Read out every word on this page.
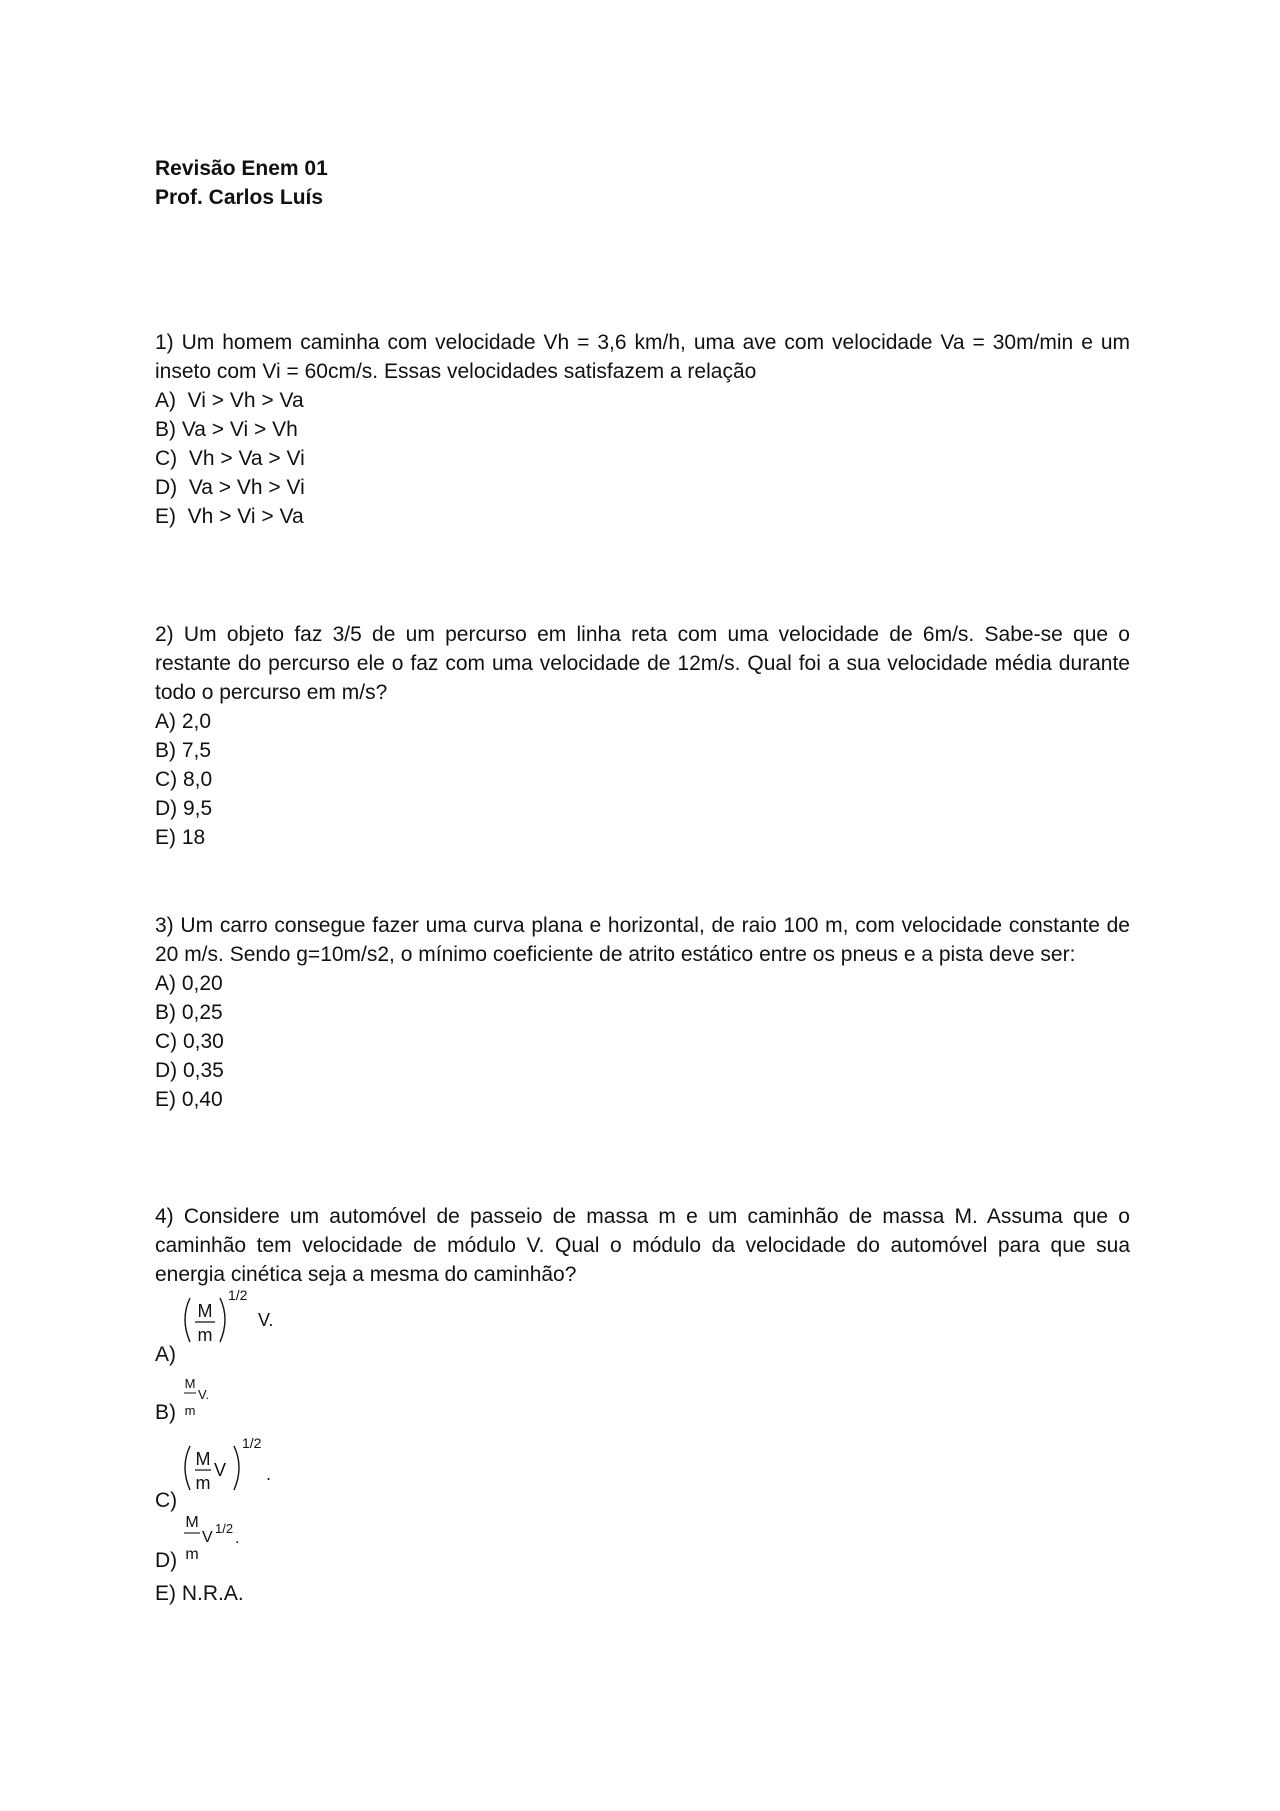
Revisão Enem 01
Prof. Carlos Luís
1) Um homem caminha com velocidade Vh = 3,6 km/h, uma ave com velocidade Va = 30m/min e um inseto com Vi = 60cm/s. Essas velocidades satisfazem a relação
A)  Vi > Vh > Va
B) Va > Vi > Vh
C)  Vh > Va > Vi
D)  Va > Vh > Vi
E)  Vh > Vi > Va
2) Um objeto faz 3/5 de um percurso em linha reta com uma velocidade de 6m/s. Sabe-se que o restante do percurso ele o faz com uma velocidade de 12m/s. Qual foi a sua velocidade média durante todo o percurso em m/s?
A) 2,0
B) 7,5
C) 8,0
D) 9,5
E) 18
3) Um carro consegue fazer uma curva plana e horizontal, de raio 100 m, com velocidade constante de 20 m/s. Sendo g=10m/s2, o mínimo coeficiente de atrito estático entre os pneus e a pista deve ser:
A) 0,20
B) 0,25
C) 0,30
D) 0,35
E) 0,40
4) Considere um automóvel de passeio de massa m e um caminhão de massa M. Assuma que o caminhão tem velocidade de módulo V. Qual o módulo da velocidade do automóvel para que sua energia cinética seja a mesma do caminhão?
A)
M
m
1/2
V.
B)
M
m
V.
C)
M
m
V
1/2
.
D)
M
m
V
1/2
.
E) N.R.A.
